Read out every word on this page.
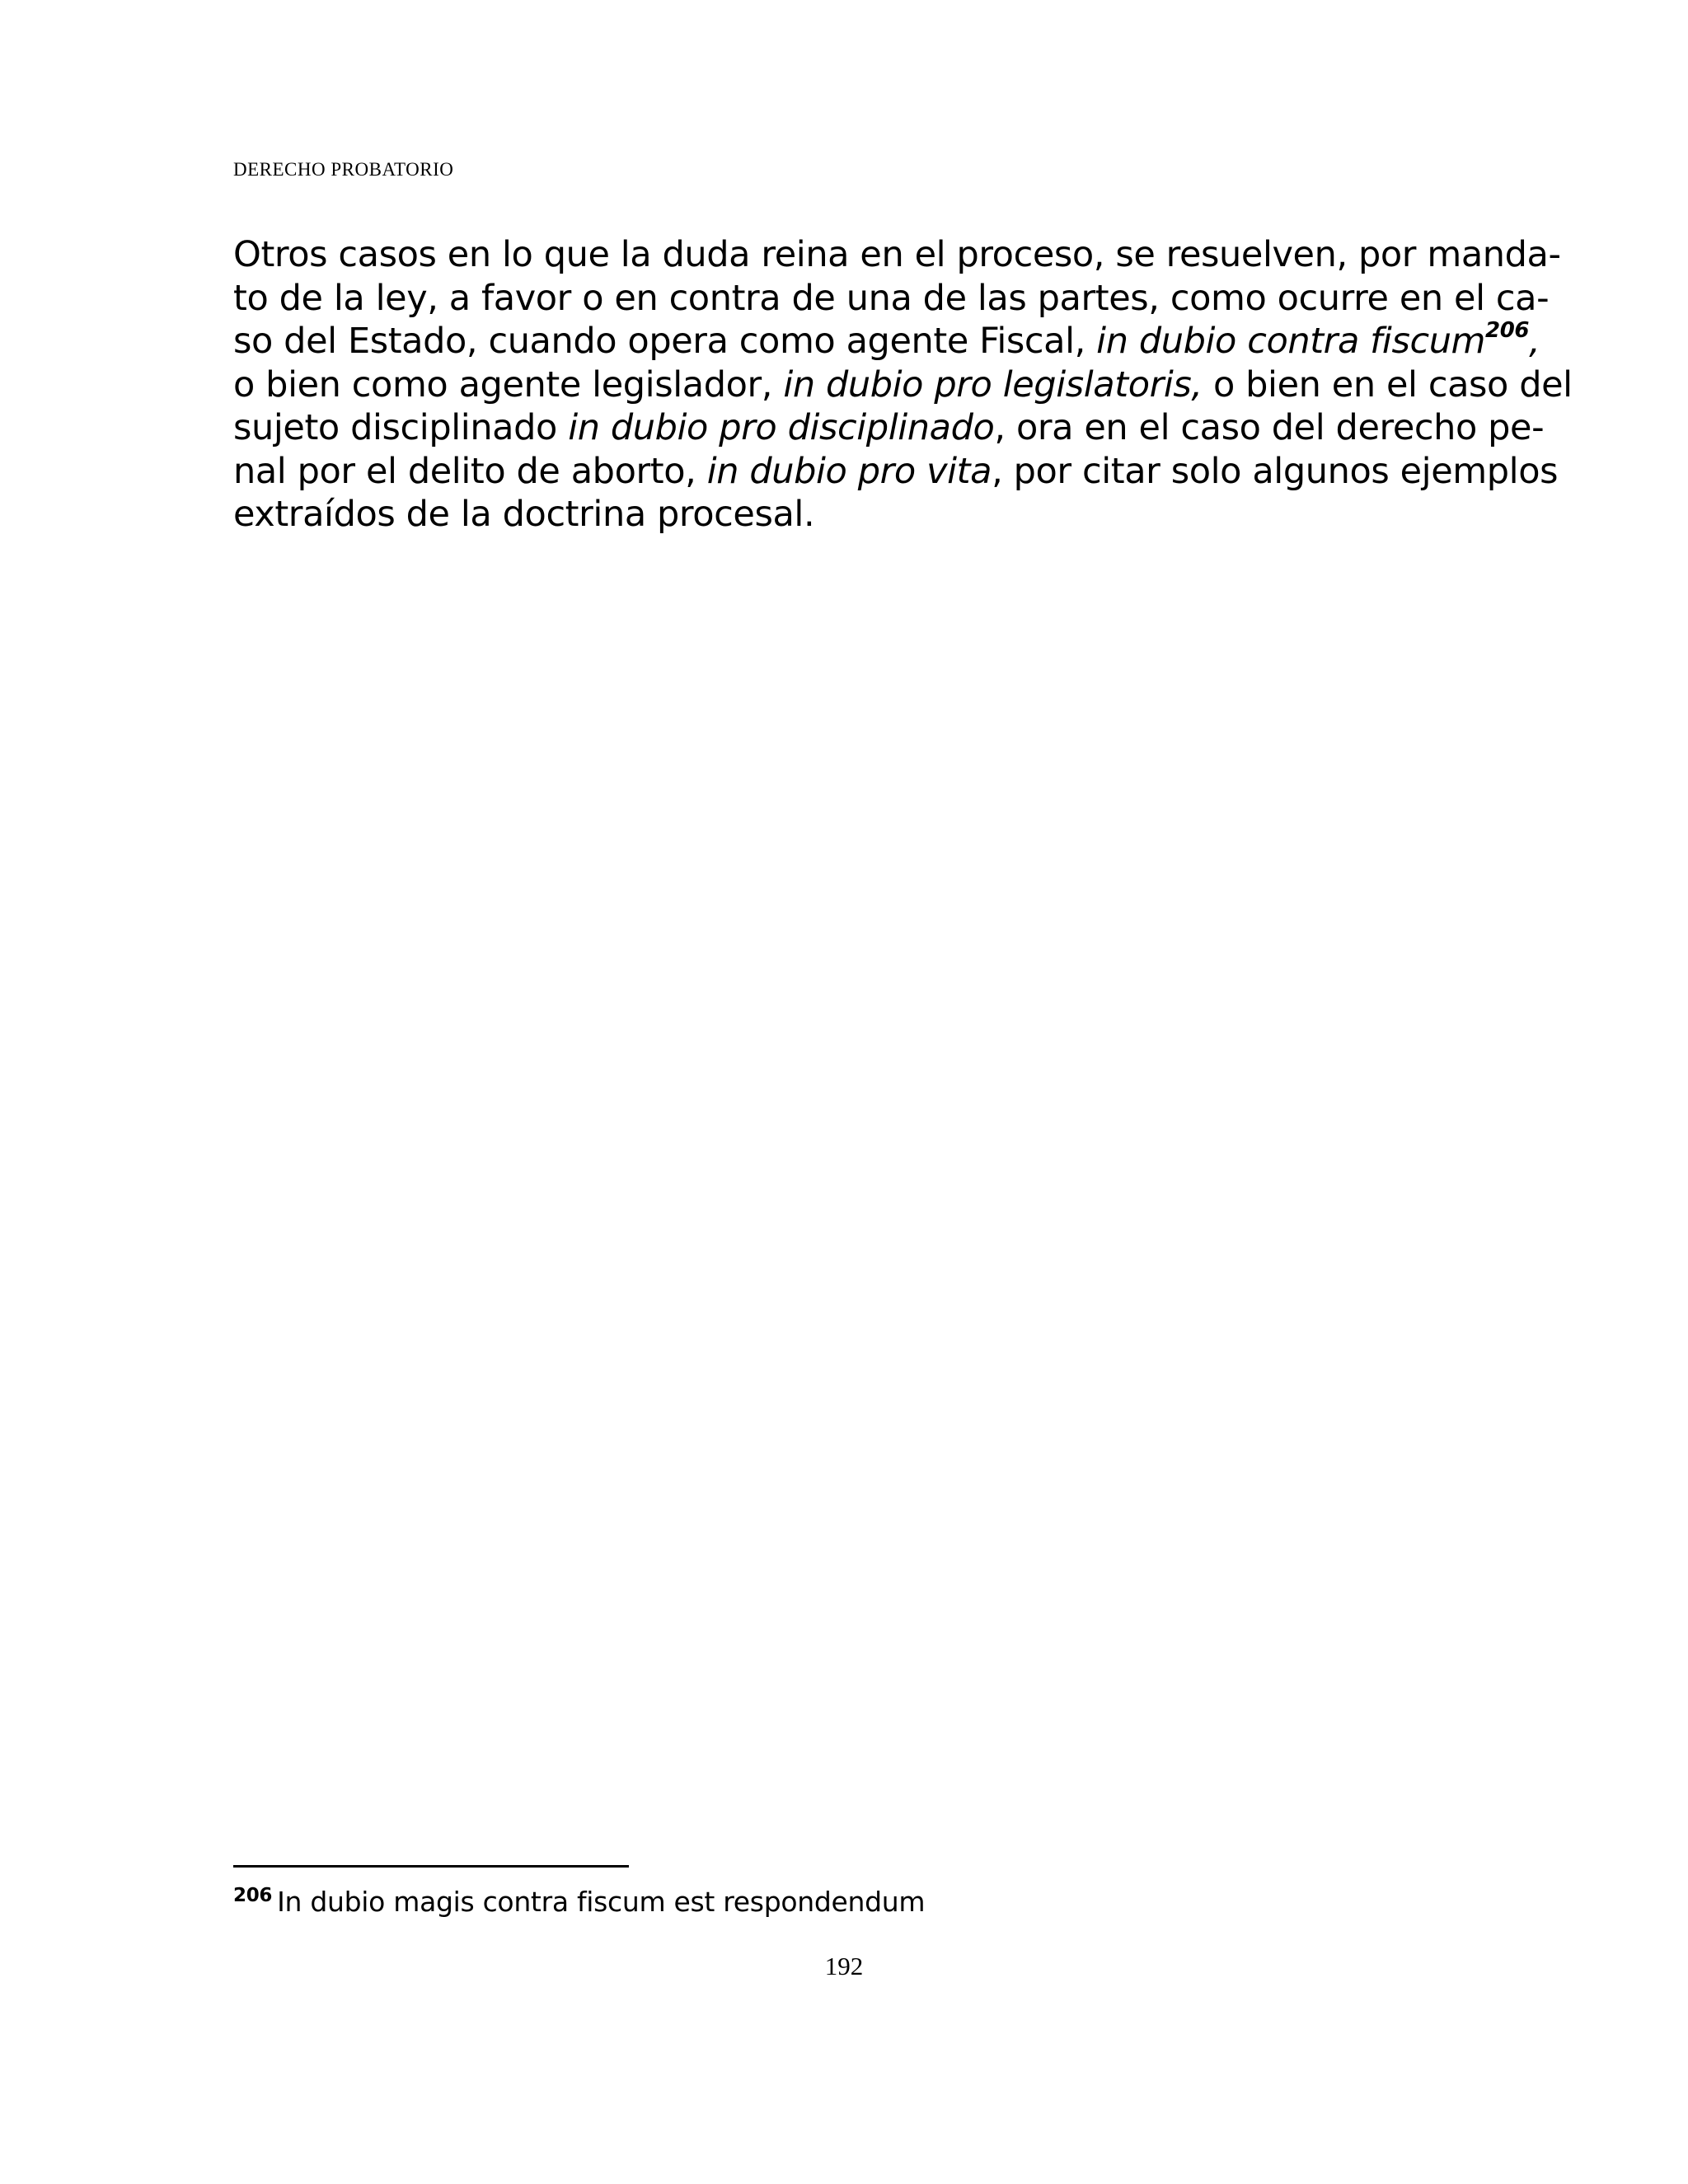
DERECHO PROBATORIO
Otros casos en lo que la duda reina en el proceso, se resuelven, por manda-
to de la ley, a favor o en contra de una de las partes, como ocurre en el ca-
so del Estado, cuando opera como agente Fiscal, in dubio contra fiscum$^{206}$,
o bien como agente legislador, in dubio pro legislatoris, o bien en el caso del
sujeto disciplinado in dubio pro disciplinado, ora en el caso del derecho pe-
nal por el delito de aborto, in dubio pro vita, por citar solo algunos ejemplos
extraídos de la doctrina procesal.

$^{206}$ In dubio magis contra fiscum est respondendum

192
